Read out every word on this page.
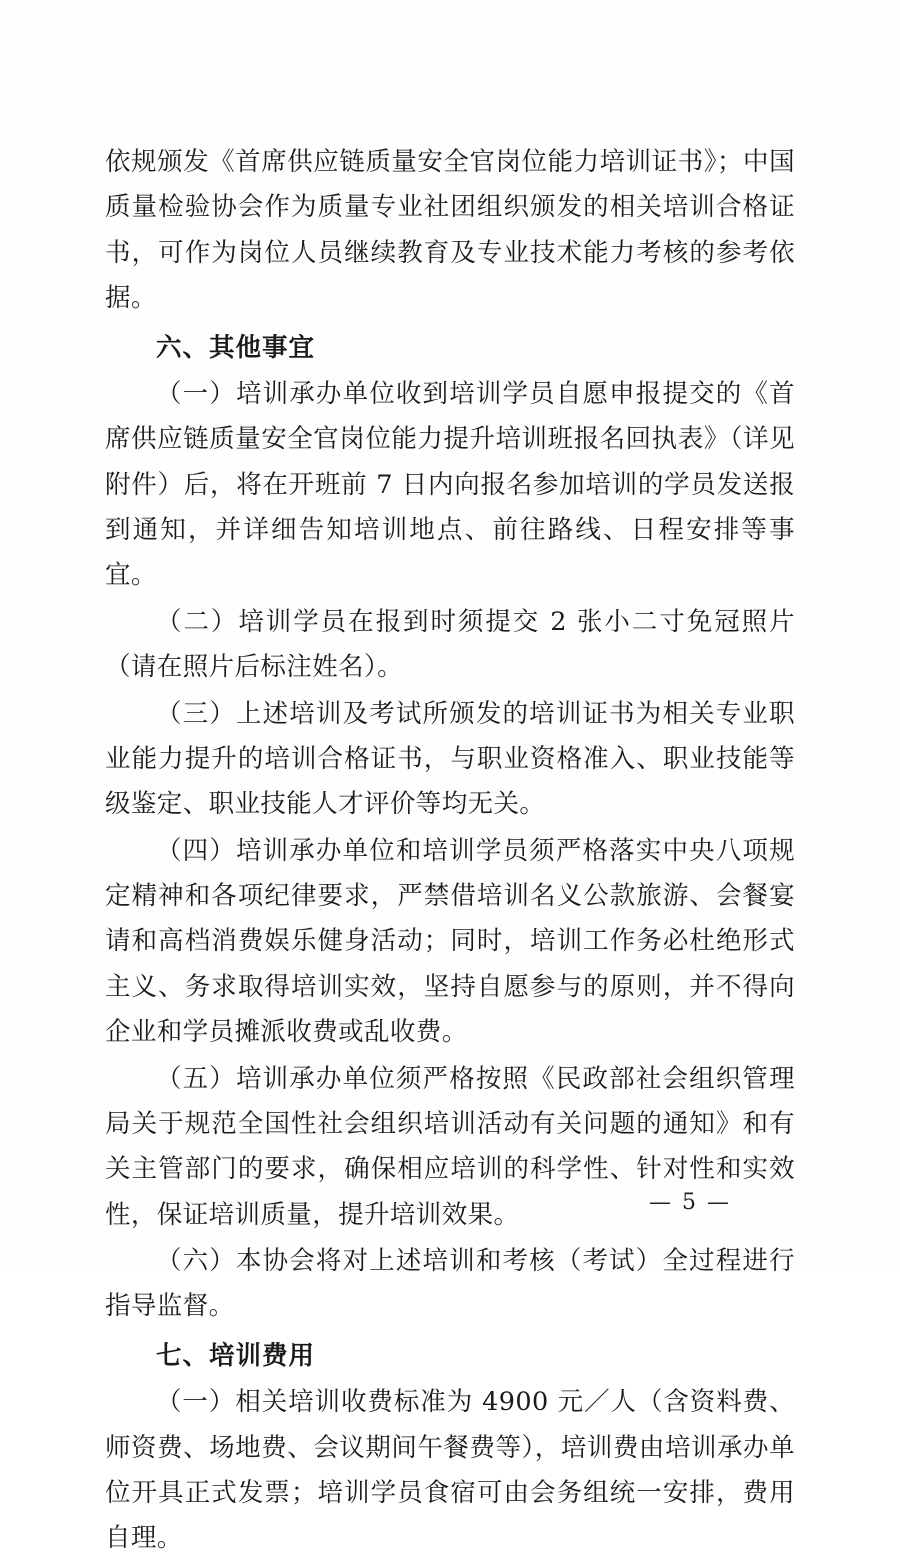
依规颁发《首席供应链质量安全官岗位能力培训证书》；中国质量检验协会作为质量专业社团组织颁发的相关培训合格证书，可作为岗位人员继续教育及专业技术能力考核的参考依据。

六、其他事宜

（一）培训承办单位收到培训学员自愿申报提交的《首席供应链质量安全官岗位能力提升培训班报名回执表》（详见附件）后，将在开班前 7 日内向报名参加培训的学员发送报到通知，并详细告知培训地点、前往路线、日程安排等事宜。

（二）培训学员在报到时须提交 2 张小二寸免冠照片（请在照片后标注姓名）。

（三）上述培训及考试所颁发的培训证书为相关专业职业能力提升的培训合格证书，与职业资格准入、职业技能等级鉴定、职业技能人才评价等均无关。

（四）培训承办单位和培训学员须严格落实中央八项规定精神和各项纪律要求，严禁借培训名义公款旅游、会餐宴请和高档消费娱乐健身活动；同时，培训工作务必杜绝形式主义、务求取得培训实效，坚持自愿参与的原则，并不得向企业和学员摊派收费或乱收费。

（五）培训承办单位须严格按照《民政部社会组织管理局关于规范全国性社会组织培训活动有关问题的通知》和有关主管部门的要求，确保相应培训的科学性、针对性和实效性，保证培训质量，提升培训效果。

（六）本协会将对上述培训和考核（考试）全过程进行指导监督。

七、培训费用

（一）相关培训收费标准为 4900 元／人（含资料费、师资费、场地费、会议期间午餐费等），培训费由培训承办单位开具正式发票；培训学员食宿可由会务组统一安排，费用自理。

— 5 —
